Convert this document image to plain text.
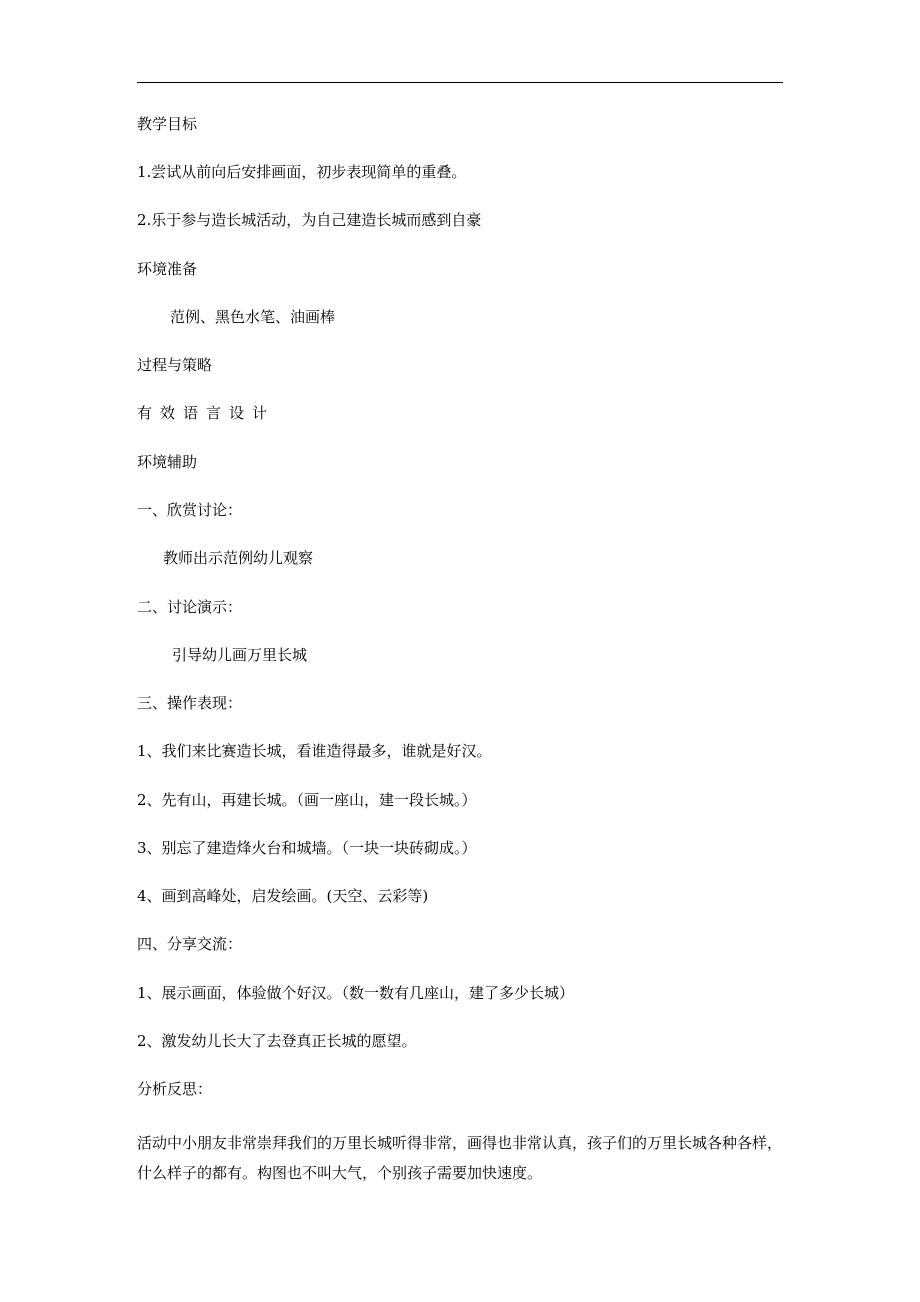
教学目标
1.尝试从前向后安排画面，初步表现简单的重叠。
2.乐于参与造长城活动，为自己建造长城而感到自豪
环境准备
范例、黑色水笔、油画棒
过程与策略
有效语言设计
环境辅助
一、欣赏讨论：
教师出示范例幼儿观察
二、讨论演示：
引导幼儿画万里长城
三、操作表现：
1、我们来比赛造长城，看谁造得最多，谁就是好汉。
2、先有山，再建长城。（画一座山，建一段长城。）
3、别忘了建造烽火台和城墙。（一块一块砖砌成。）
4、画到高峰处，启发绘画。(天空、云彩等)
四、分享交流：
1、展示画面，体验做个好汉。（数一数有几座山，建了多少长城）
2、激发幼儿长大了去登真正长城的愿望。
分析反思：
活动中小朋友非常崇拜我们的万里长城听得非常，画得也非常认真，孩子们的万里长城各种各样，什么样子的都有。构图也不叫大气，个别孩子需要加快速度。
